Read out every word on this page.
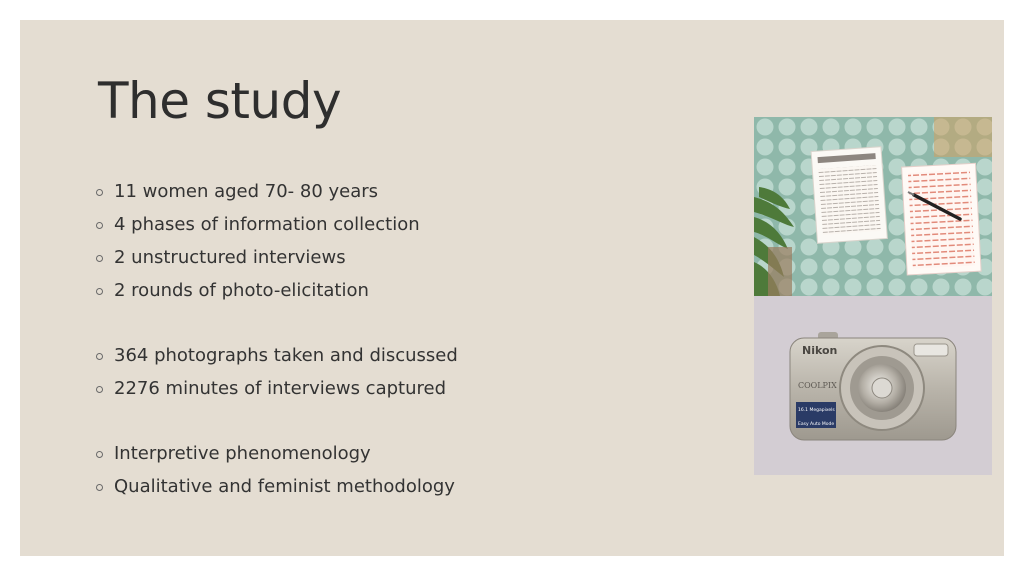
The study
11 women aged 70- 80 years
4 phases of information collection
2 unstructured interviews
2 rounds of photo-elicitation
364 photographs taken and discussed
2276 minutes of interviews captured
Interpretive phenomenology
Qualitative and feminist methodology
Nikon
COOLPIX
16.1 Megapixels
Easy Auto Mode
